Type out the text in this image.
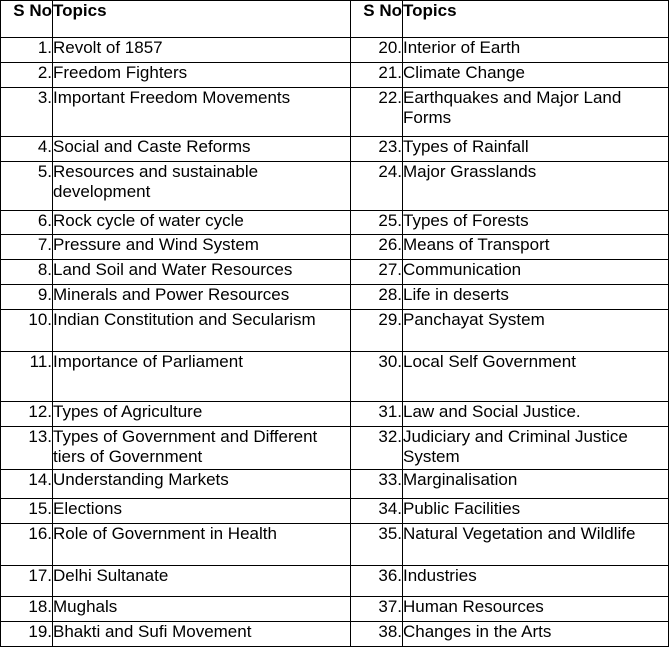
S No	Topics	S No	Topics
1.	Revolt of 1857	20.	Interior of Earth
2.	Freedom Fighters	21.	Climate Change
3.	Important Freedom Movements	22.	Earthquakes and Major Land Forms
4.	Social and Caste Reforms	23.	Types of Rainfall
5.	Resources and sustainable development	24.	Major Grasslands
6.	Rock cycle of water cycle	25.	Types of Forests
7.	Pressure and Wind System	26.	Means of Transport
8.	Land Soil and Water Resources	27.	Communication
9.	Minerals and Power Resources	28.	Life in deserts
10.	Indian Constitution and Secularism	29.	Panchayat System
11.	Importance of Parliament	30.	Local Self Government
12.	Types of Agriculture	31.	Law and Social Justice.
13.	Types of Government and Different tiers of Government	32.	Judiciary and Criminal Justice System
14.	Understanding Markets	33.	Marginalisation
15.	Elections	34.	Public Facilities
16.	Role of Government in Health	35.	Natural Vegetation and Wildlife
17.	Delhi Sultanate	36.	Industries
18.	Mughals	37.	Human Resources
19.	Bhakti and Sufi Movement	38.	Changes in the Arts
